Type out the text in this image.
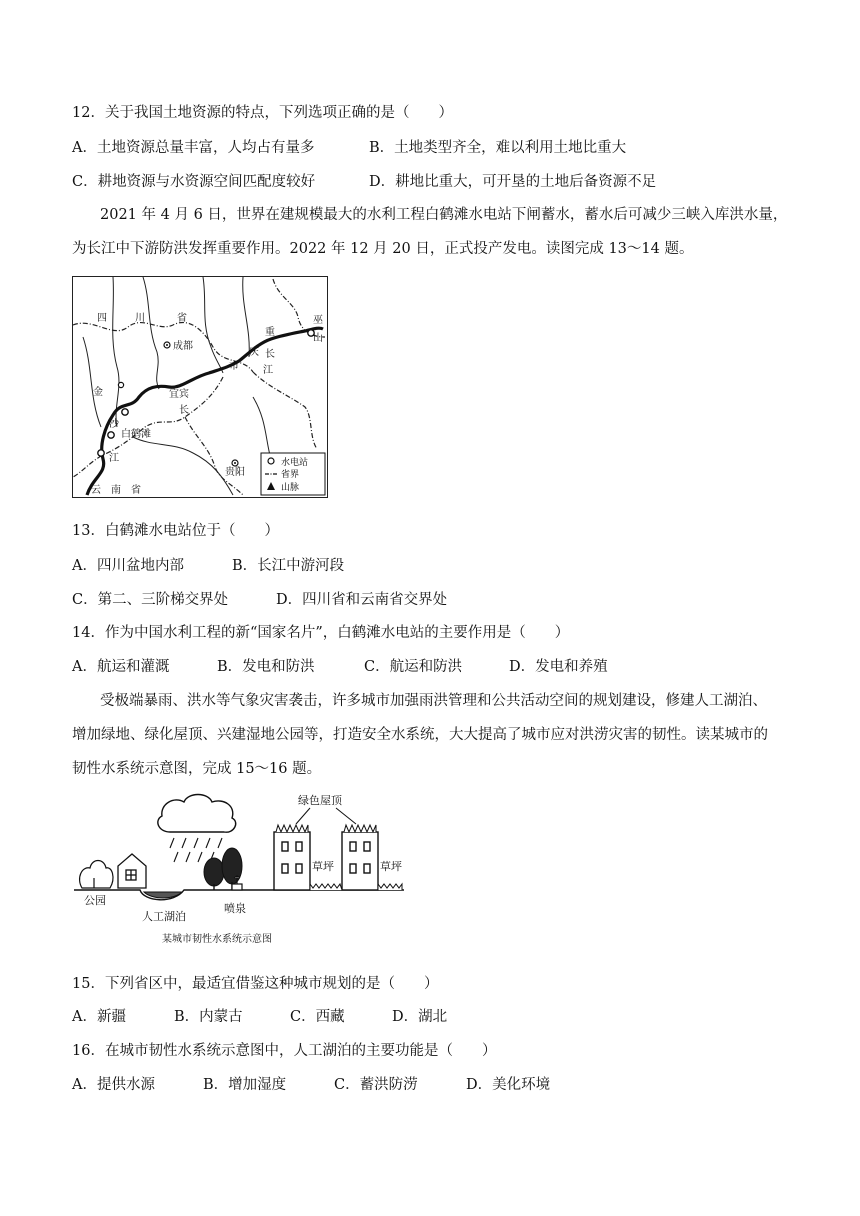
12．关于我国土地资源的特点，下列选项正确的是（　　）
A．土地资源总量丰富，人均占有量多	B．土地类型齐全，难以利用土地比重大
C．耕地资源与水资源空间匹配度较好	D．耕地比重大，可开垦的土地后备资源不足
2021 年 4 月 6 日，世界在建规模最大的水利工程白鹤滩水电站下闸蓄水，蓄水后可减少三峡入库洪水量，
为长江中下游防洪发挥重要作用。2022 年 12 月 20 日，正式投产发电。读图完成 13～14 题。
四	川	省
成都
重
庆
市
长
江
巫
山
宜宾
长
白鹤滩
金
沙
江
贵阳
云　南　省
水电站
省界
山脉
13．白鹤滩水电站位于（　　）
A．四川盆地内部	B．长江中游河段
C．第二、三阶梯交界处	D．四川省和云南省交界处
14．作为中国水利工程的新“国家名片”，白鹤滩水电站的主要作用是（　　）
A．航运和灌溉	B．发电和防洪	C．航运和防洪	D．发电和养殖
受极端暴雨、洪水等气象灾害袭击，许多城市加强雨洪管理和公共活动空间的规划建设，修建人工湖泊、
增加绿地、绿化屋顶、兴建湿地公园等，打造安全水系统，大大提高了城市应对洪涝灾害的韧性。读某城市的
韧性水系统示意图，完成 15～16 题。
绿色屋顶
草坪	草坪
公园
人工湖泊
喷泉
某城市韧性水系统示意图
15．下列省区中，最适宜借鉴这种城市规划的是（　　）
A．新疆	B．内蒙古	C．西藏	D．湖北
16．在城市韧性水系统示意图中，人工湖泊的主要功能是（　　）
A．提供水源	B．增加湿度	C．蓄洪防涝	D．美化环境
